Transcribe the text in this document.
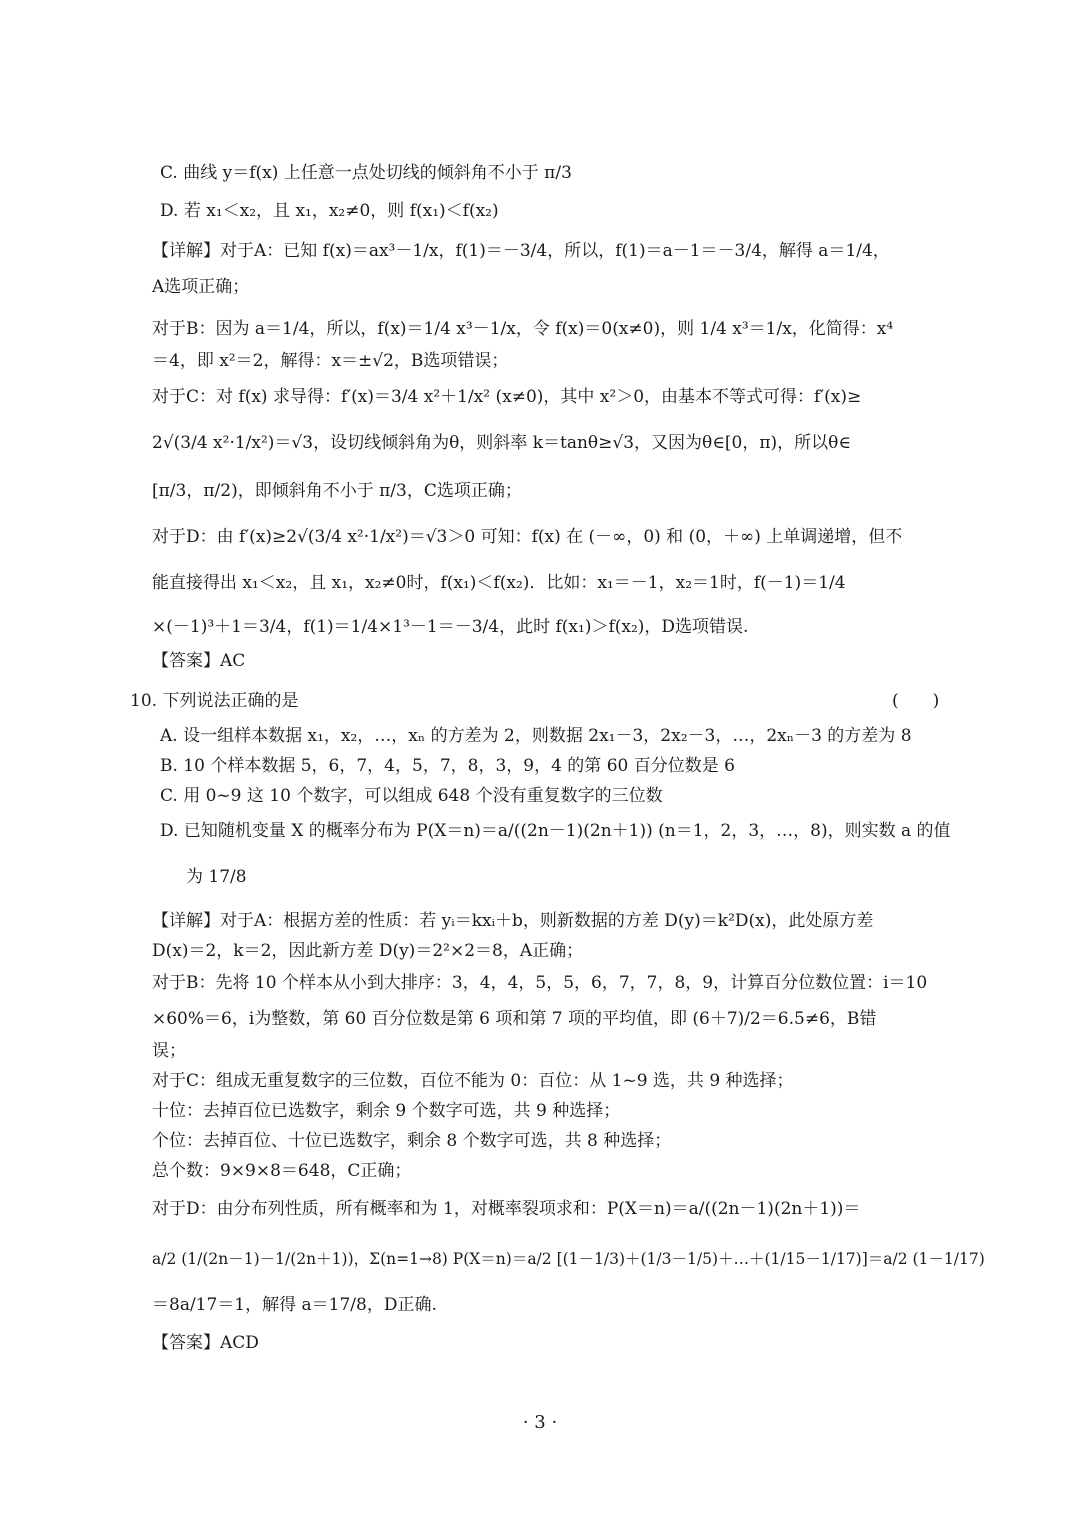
C. 曲线 y＝f(x) 上任意一点处切线的倾斜角不小于 π/3
D. 若 x₁＜x₂，且 x₁，x₂≠0，则 f(x₁)＜f(x₂)
【详解】对于A：已知 f(x)＝ax³－1/x，f(1)＝－3/4，所以，f(1)＝a－1＝－3/4，解得 a＝1/4，
A选项正确；
对于B：因为 a＝1/4，所以，f(x)＝1/4 x³－1/x，令 f(x)＝0(x≠0)，则 1/4 x³＝1/x，化简得：x⁴
＝4，即 x²＝2，解得：x＝±√2，B选项错误；
对于C：对 f(x) 求导得：f′(x)＝3/4 x²＋1/x² (x≠0)，其中 x²＞0，由基本不等式可得：f′(x)≥
2√(3/4 x²·1/x²)＝√3，设切线倾斜角为θ，则斜率 k＝tanθ≥√3，又因为θ∈[0，π)，所以θ∈
[π/3，π/2)，即倾斜角不小于 π/3，C选项正确；
对于D：由 f′(x)≥2√(3/4 x²·1/x²)＝√3＞0 可知：f(x) 在 (－∞，0) 和 (0，＋∞) 上单调递增，但不
能直接得出 x₁＜x₂，且 x₁，x₂≠0时，f(x₁)＜f(x₂)．比如：x₁＝－1，x₂＝1时，f(－1)＝1/4
×(－1)³＋1＝3/4，f(1)＝1/4×1³－1＝－3/4，此时 f(x₁)＞f(x₂)，D选项错误.
【答案】AC
10. 下列说法正确的是	(　　)
A. 设一组样本数据 x₁，x₂，…，xₙ 的方差为 2，则数据 2x₁－3，2x₂－3，…，2xₙ－3 的方差为 8
B. 10 个样本数据 5，6，7，4，5，7，8，3，9，4 的第 60 百分位数是 6
C. 用 0~9 这 10 个数字，可以组成 648 个没有重复数字的三位数
D. 已知随机变量 X 的概率分布为 P(X＝n)＝a/((2n－1)(2n＋1)) (n＝1，2，3，…，8)，则实数 a 的值
为 17/8
【详解】对于A：根据方差的性质：若 yᵢ＝kxᵢ＋b，则新数据的方差 D(y)＝k²D(x)，此处原方差
D(x)＝2，k＝2，因此新方差 D(y)＝2²×2＝8，A正确；
对于B：先将 10 个样本从小到大排序：3，4，4，5，5，6，7，7，8，9，计算百分位数位置：i＝10
×60%＝6，i为整数，第 60 百分位数是第 6 项和第 7 项的平均值，即 (6＋7)/2＝6.5≠6，B错
误；
对于C：组成无重复数字的三位数，百位不能为 0：百位：从 1~9 选，共 9 种选择；
十位：去掉百位已选数字，剩余 9 个数字可选，共 9 种选择；
个位：去掉百位、十位已选数字，剩余 8 个数字可选，共 8 种选择；
总个数：9×9×8＝648，C正确；
对于D：由分布列性质，所有概率和为 1，对概率裂项求和：P(X＝n)＝a/((2n－1)(2n＋1))＝
a/2 (1/(2n－1)－1/(2n＋1))，Σ(n=1→8) P(X＝n)＝a/2 [(1－1/3)＋(1/3－1/5)＋…＋(1/15－1/17)]＝a/2 (1－1/17)
＝8a/17＝1，解得 a＝17/8，D正确.
【答案】ACD
· 3 ·
